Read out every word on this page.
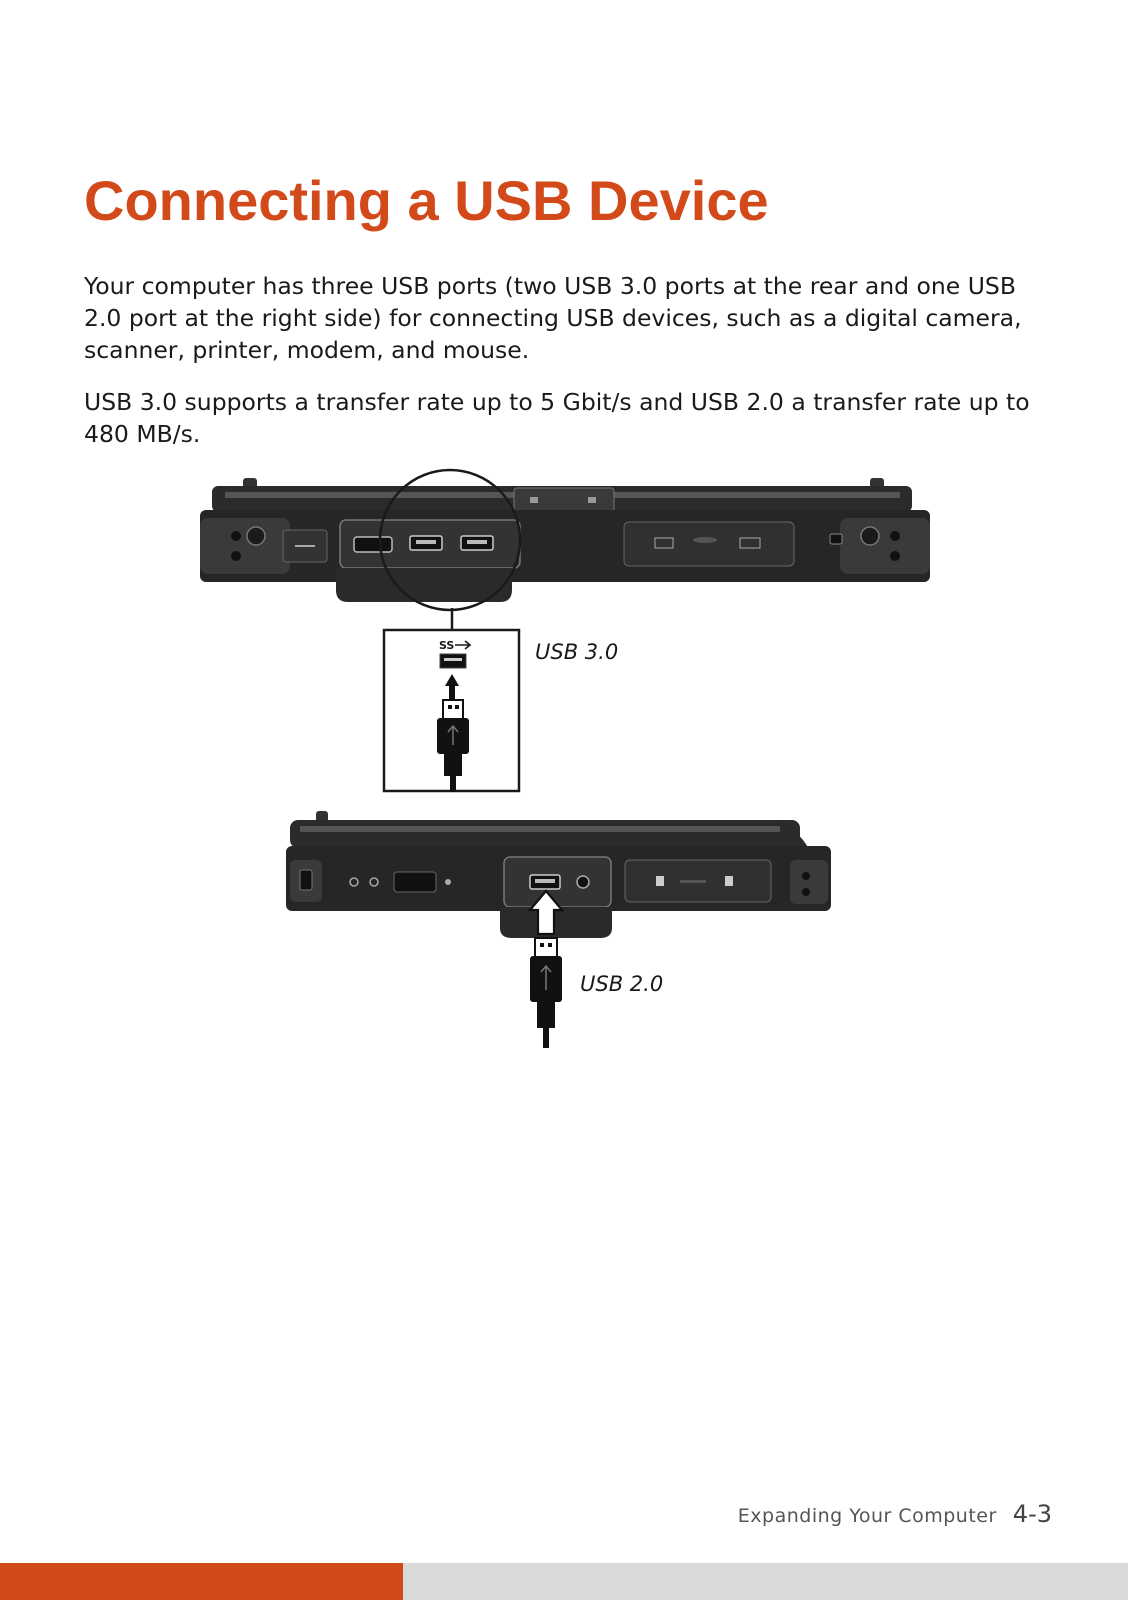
Connecting a USB Device

Your computer has three USB ports (two USB 3.0 ports at the rear and one USB 2.0 port at the right side) for connecting USB devices, such as a digital camera, scanner, printer, modem, and mouse.

USB 3.0 supports a transfer rate up to 5 Gbit/s and USB 2.0 a transfer rate up to 480 MB/s.

SS	USB 3.0
USB 2.0
Expanding Your Computer 4-3
